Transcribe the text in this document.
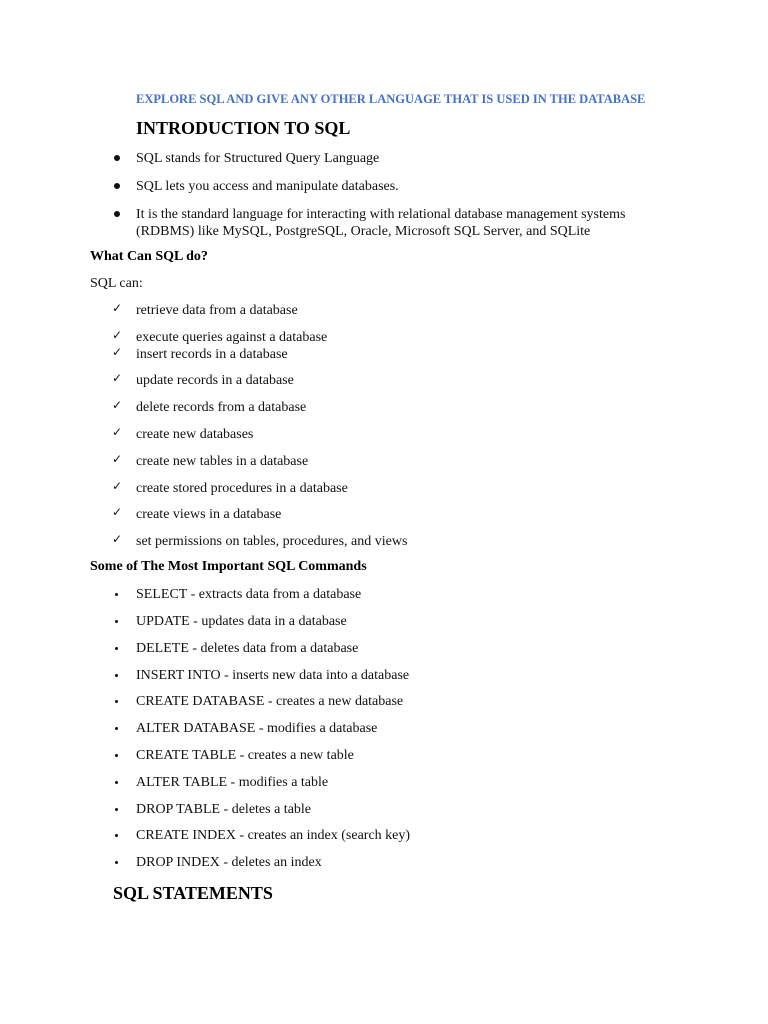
EXPLORE SQL AND GIVE ANY OTHER LANGUAGE THAT IS USED IN THE DATABASE
INTRODUCTION TO SQL
SQL stands for Structured Query Language
SQL lets you access and manipulate databases.
It is the standard language for interacting with relational database management systems (RDBMS) like MySQL, PostgreSQL, Oracle, Microsoft SQL Server, and SQLite
What Can SQL do?
SQL can:
✓ retrieve data from a database
✓ execute queries against a database
✓ insert records in a database
✓ update records in a database
✓ delete records from a database
✓ create new databases
✓ create new tables in a database
✓ create stored procedures in a database
✓ create views in a database
✓ set permissions on tables, procedures, and views
Some of The Most Important SQL Commands
SELECT - extracts data from a database
UPDATE - updates data in a database
DELETE - deletes data from a database
INSERT INTO - inserts new data into a database
CREATE DATABASE - creates a new database
ALTER DATABASE - modifies a database
CREATE TABLE - creates a new table
ALTER TABLE - modifies a table
DROP TABLE - deletes a table
CREATE INDEX - creates an index (search key)
DROP INDEX - deletes an index
SQL STATEMENTS
